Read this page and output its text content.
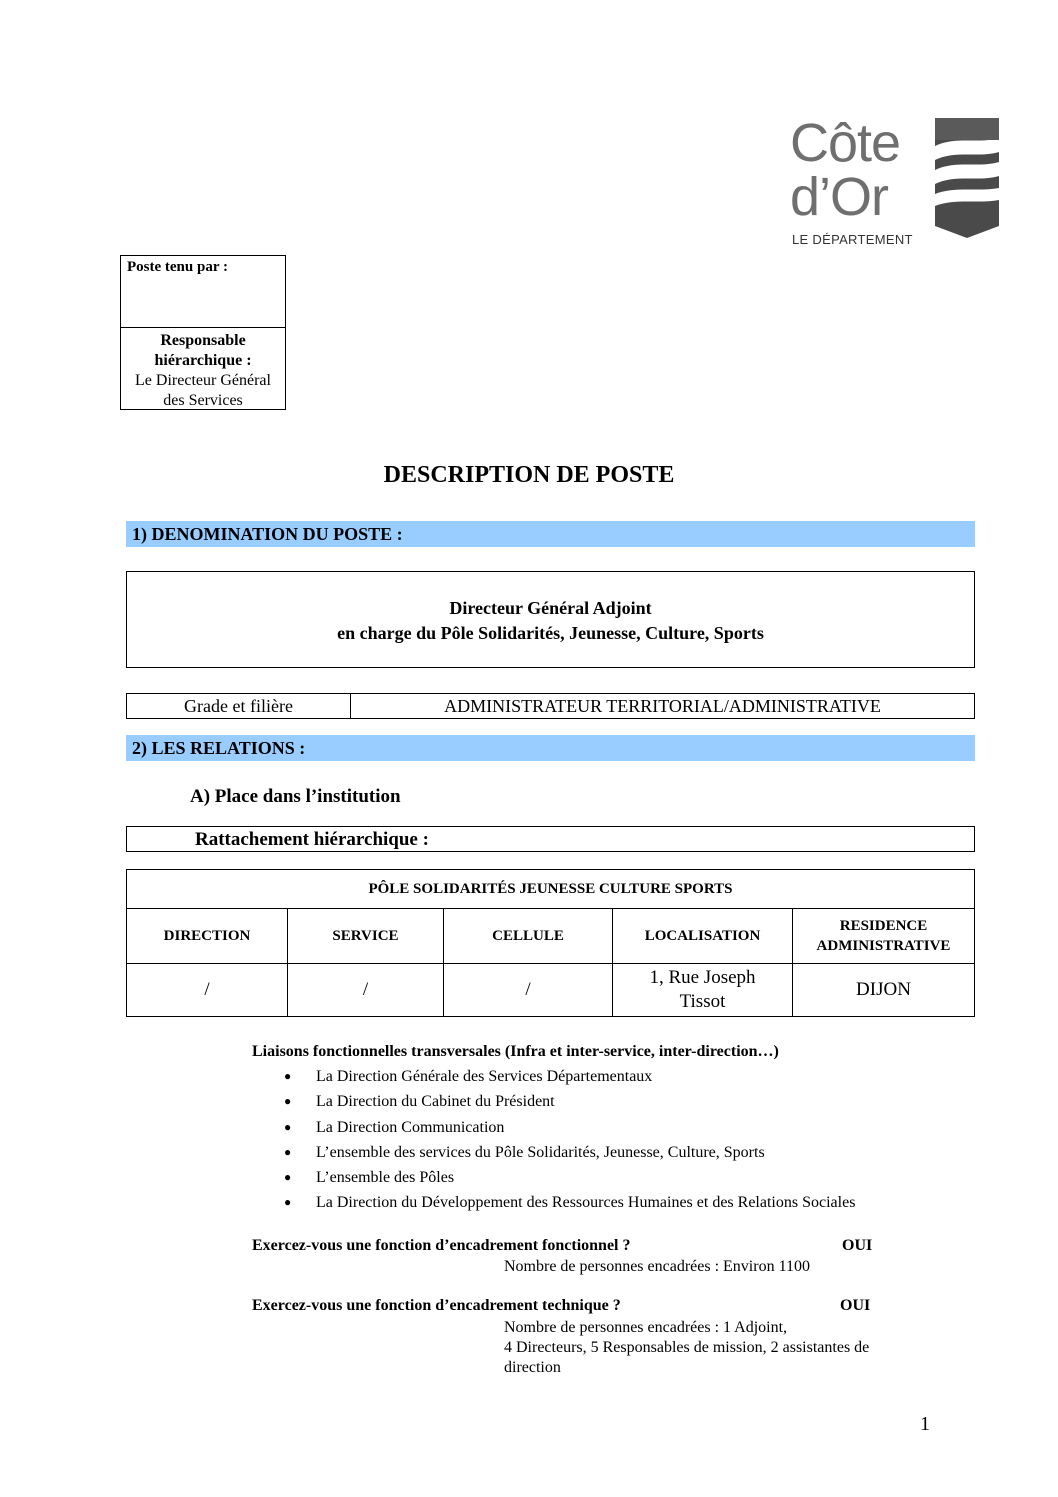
Côte
d’Or
LE DÉPARTEMENT
Poste tenu par :
Responsable hiérarchique :
Le Directeur Général
des Services
DESCRIPTION DE POSTE
1) DENOMINATION DU POSTE :
Directeur Général Adjoint
en charge du Pôle Solidarités, Jeunesse, Culture, Sports
Grade et filière	ADMINISTRATEUR TERRITORIAL/ADMINISTRATIVE
2) LES RELATIONS :
A) Place dans l’institution
Rattachement hiérarchique :
PÔLE SOLIDARITÉS JEUNESSE CULTURE SPORTS				
DIRECTION	SERVICE	CELLULE	LOCALISATION	RESIDENCE ADMINISTRATIVE
/	/	/	1, Rue Joseph Tissot	DIJON
Liaisons fonctionnelles transversales (Infra et inter-service, inter-direction…)
● La Direction Générale des Services Départementaux
● La Direction du Cabinet du Président
● La Direction Communication
● L’ensemble des services du Pôle Solidarités, Jeunesse, Culture, Sports
● L’ensemble des Pôles
● La Direction du Développement des Ressources Humaines et des Relations Sociales
Exercez-vous une fonction d’encadrement fonctionnel ?	OUI
Nombre de personnes encadrées : Environ 1100
Exercez-vous une fonction d’encadrement technique ?	OUI
Nombre de personnes encadrées : 1 Adjoint,
4 Directeurs, 5 Responsables de mission, 2 assistantes de
direction
1
